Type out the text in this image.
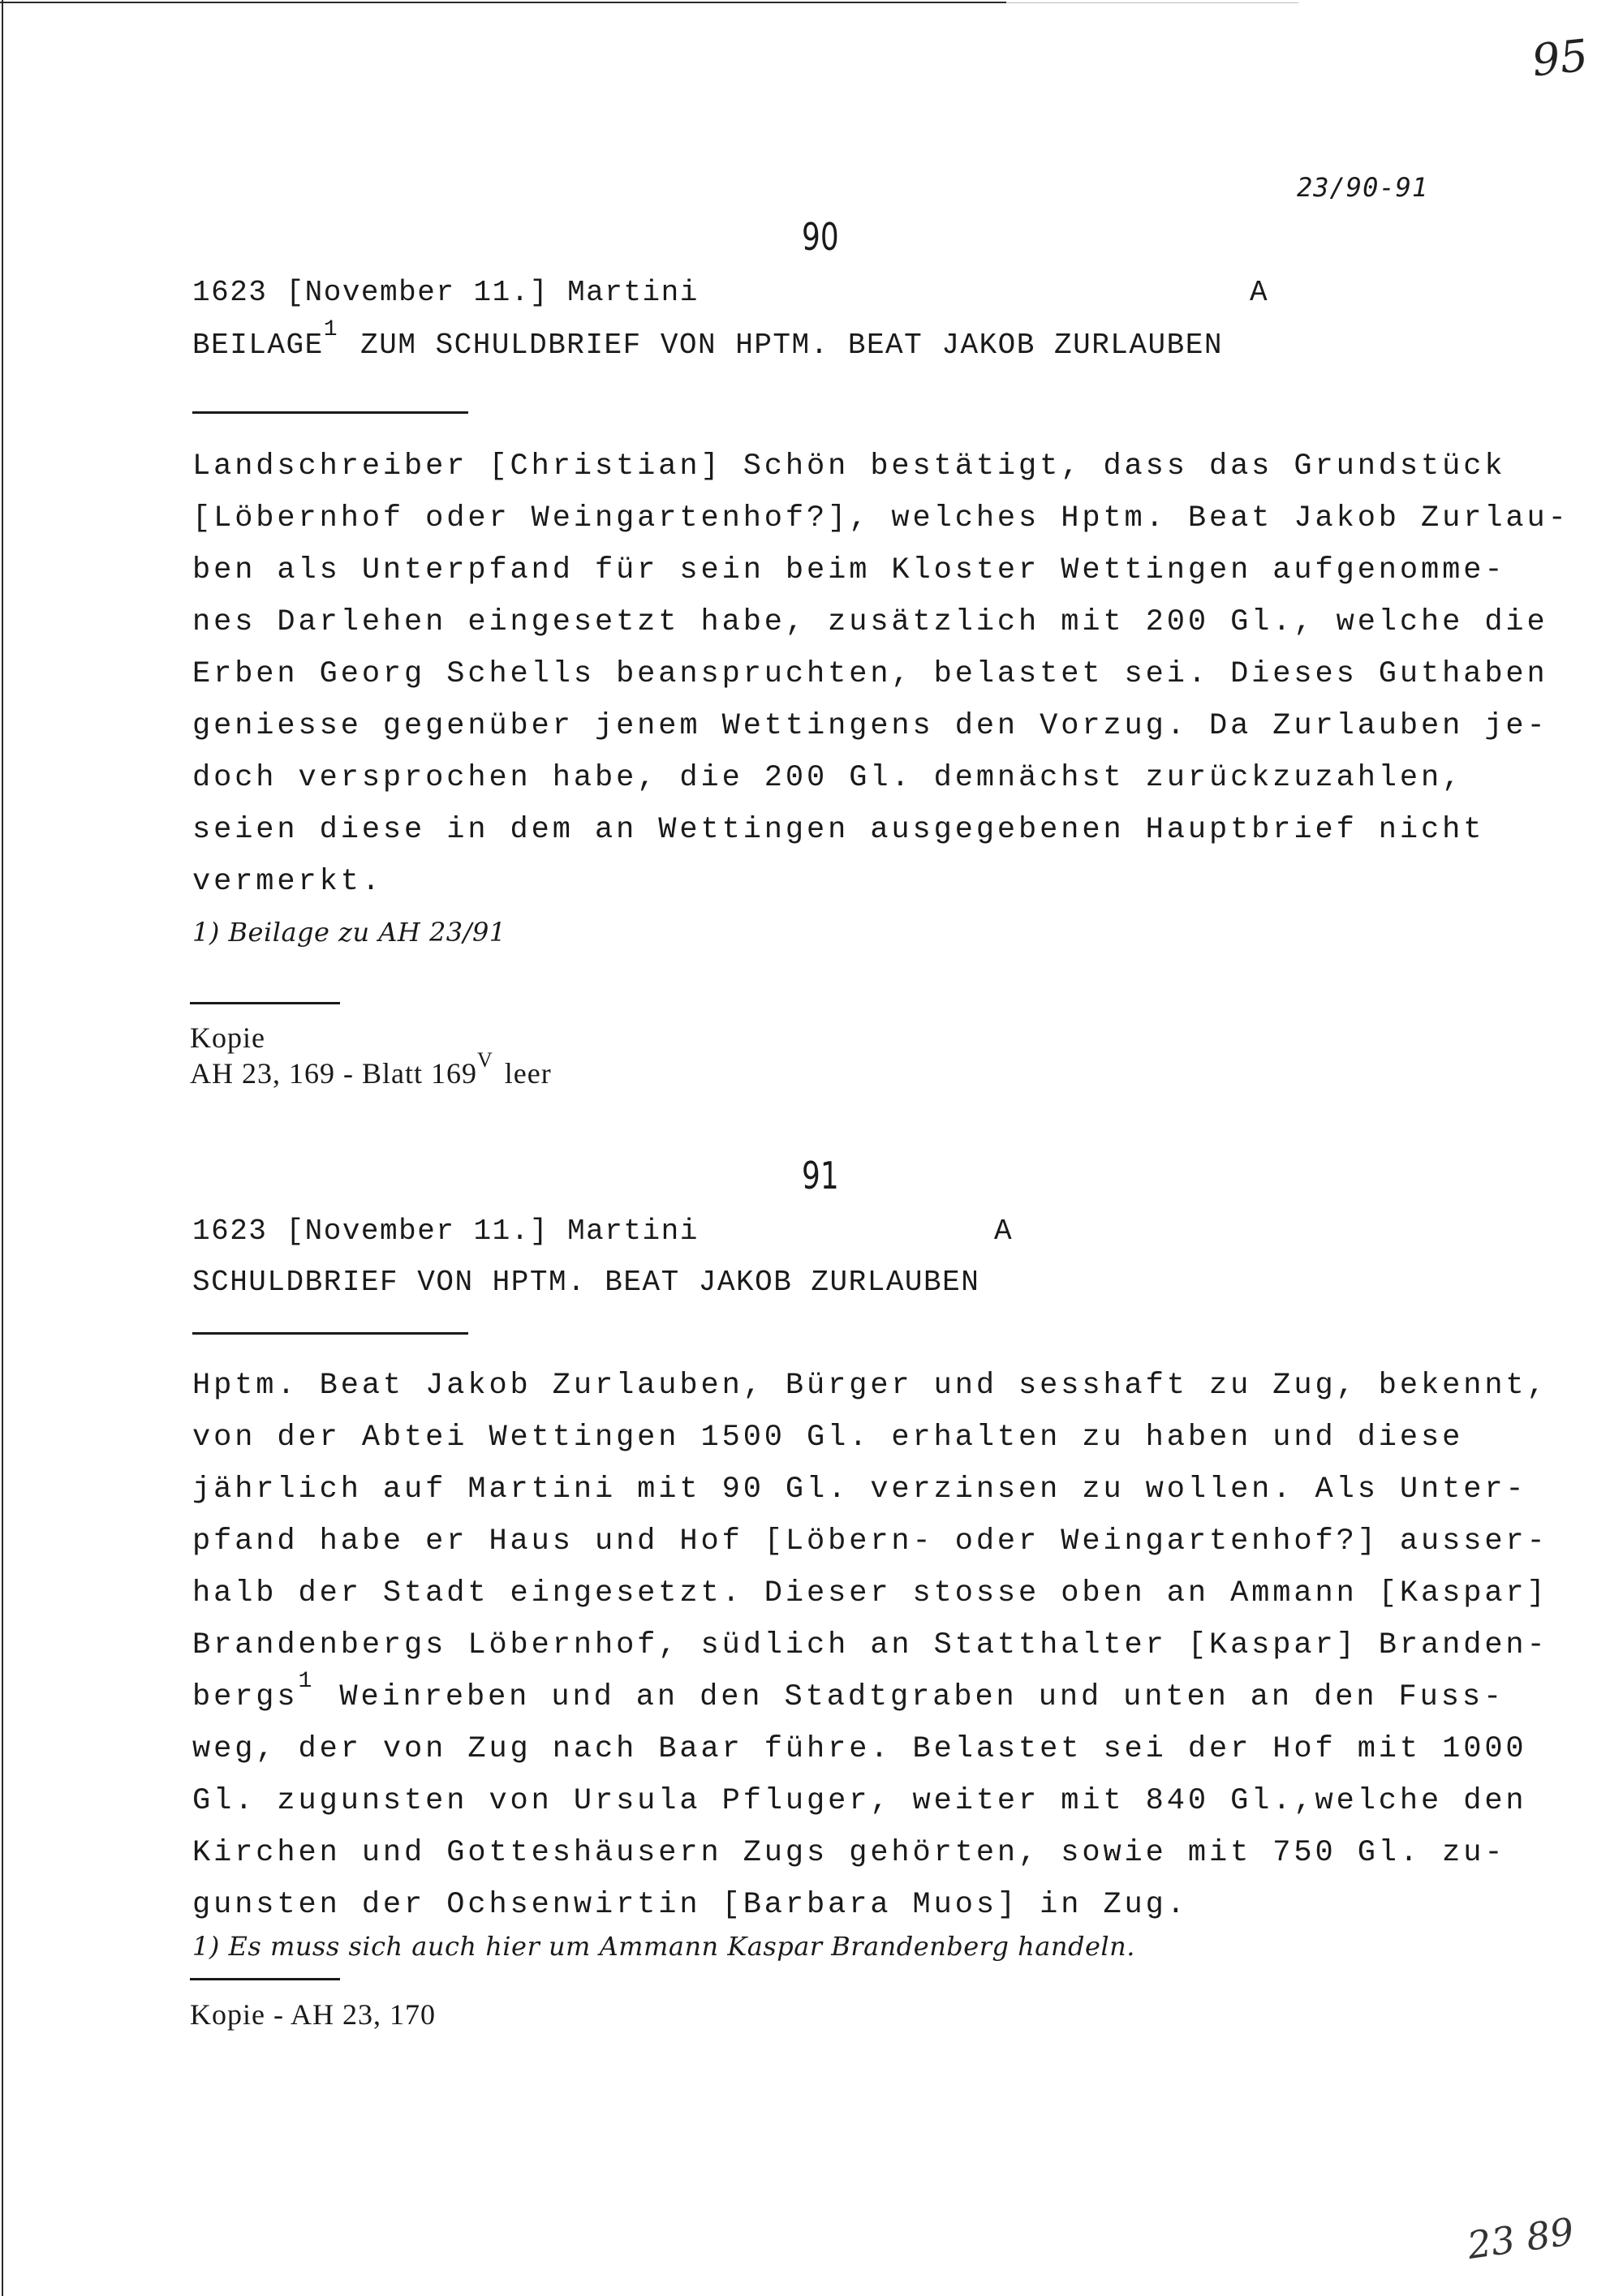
95
23/90-91
90
1623 [November 11.] Martini	A
BEILAGE$^1$ ZUM SCHULDBRIEF VON HPTM. BEAT JAKOB ZURLAUBEN
Landschreiber [Christian] Schön bestätigt, dass das Grundstück
[Löbernhof oder Weingartenhof?], welches Hptm. Beat Jakob Zurlau-
ben als Unterpfand für sein beim Kloster Wettingen aufgenomme-
nes Darlehen eingesetzt habe, zusätzlich mit 200 Gl., welche die
Erben Georg Schells beanspruchten, belastet sei. Dieses Guthaben
geniesse gegenüber jenem Wettingens den Vorzug. Da Zurlauben je-
doch versprochen habe, die 200 Gl. demnächst zurückzuzahlen,
seien diese in dem an Wettingen ausgegebenen Hauptbrief nicht
vermerkt.
1) Beilage zu AH 23/91
Kopie
AH 23, 169 - Blatt $169^V$ leer
91
1623 [November 11.] Martini	A
SCHULDBRIEF VON HPTM. BEAT JAKOB ZURLAUBEN
Hptm. Beat Jakob Zurlauben, Bürger und sesshaft zu Zug, bekennt,
von der Abtei Wettingen 1500 Gl. erhalten zu haben und diese
jährlich auf Martini mit 90 Gl. verzinsen zu wollen. Als Unter-
pfand habe er Haus und Hof [Löbern- oder Weingartenhof?] ausser-
halb der Stadt eingesetzt. Dieser stosse oben an Ammann [Kaspar]
Brandenbergs Löbernhof, südlich an Statthalter [Kaspar] Branden-
bergs$^1$ Weinreben und an den Stadtgraben und unten an den Fuss-
weg, der von Zug nach Baar führe. Belastet sei der Hof mit 1000
Gl. zugunsten von Ursula Pfluger, weiter mit 840 Gl.,welche den
Kirchen und Gotteshäusern Zugs gehörten, sowie mit 750 Gl. zu-
gunsten der Ochsenwirtin [Barbara Muos] in Zug.
1) Es muss sich auch hier um Ammann Kaspar Brandenberg handeln.
Kopie - AH 23, 170
23 89
